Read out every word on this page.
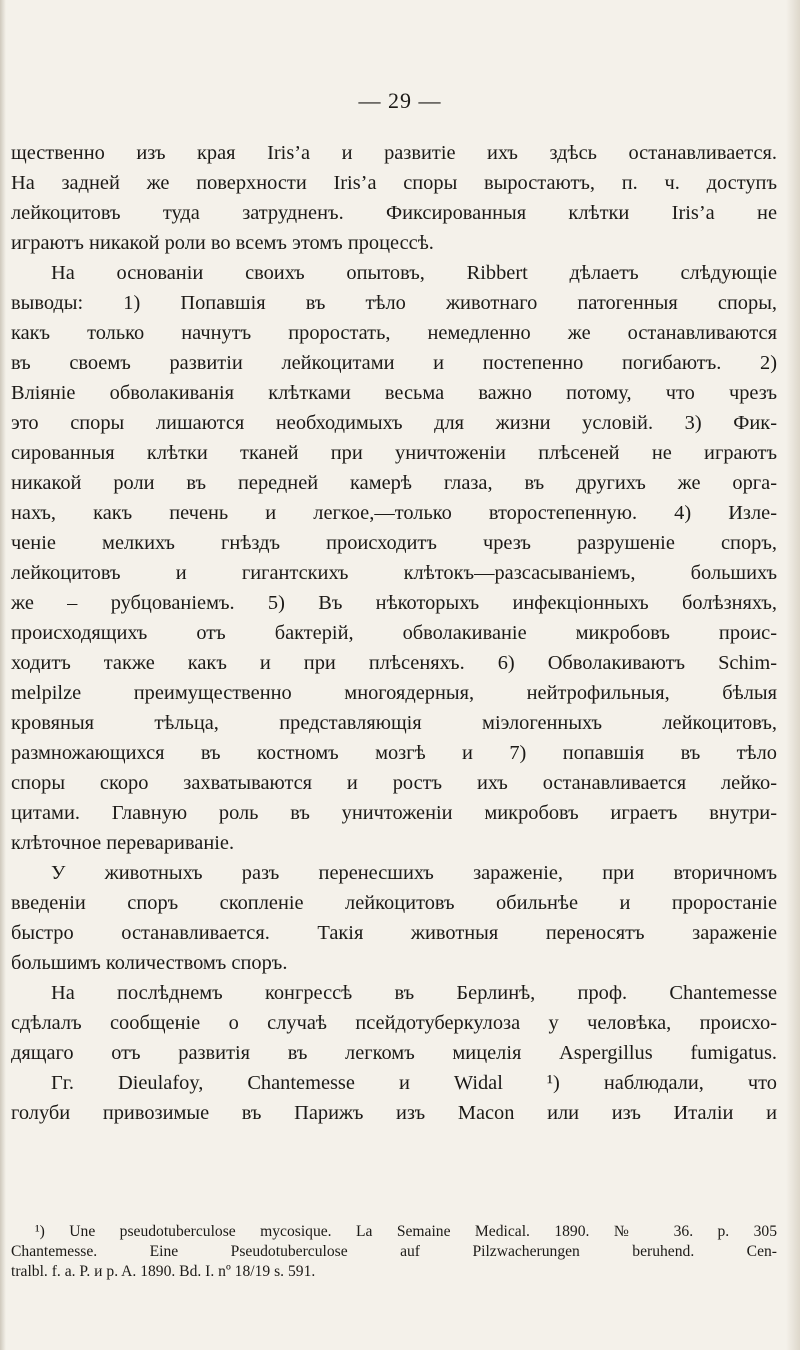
— 29 —
щественно изъ края Iris’а и развитіе ихъ здѣсь останавливается.
На задней же поверхности Iris’а споры выростаютъ, п. ч. доступъ
лейкоцитовъ туда затрудненъ. Фиксированныя клѣтки Iris’а не
играютъ никакой роли во всемъ этомъ процессѣ.
На основаніи своихъ опытовъ, Ribbert дѣлаетъ слѣдующіе
выводы: 1) Попавшія въ тѣло животнаго патогенныя споры,
какъ только начнутъ проростать, немедленно же останавливаются
въ своемъ развитіи лейкоцитами и постепенно погибаютъ. 2)
Вліяніе обволакиванія клѣтками весьма важно потому, что чрезъ
это споры лишаются необходимыхъ для жизни условій. 3) Фик-
сированныя клѣтки тканей при уничтоженіи плѣсеней не играютъ
никакой роли въ передней камерѣ глаза, въ другихъ же орга-
нахъ, какъ печень и легкое,—только второстепенную. 4) Изле-
ченіе мелкихъ гнѣздъ происходитъ чрезъ разрушеніе споръ,
лейкоцитовъ и гигантскихъ клѣтокъ—разсасываніемъ, большихъ
же – рубцованіемъ. 5) Въ нѣкоторыхъ инфекціонныхъ болѣзняхъ,
происходящихъ отъ бактерій, обволакиваніе микробовъ проис-
ходитъ также какъ и при плѣсеняхъ. 6) Обволакиваютъ Schim-
melpilze преимущественно многоядерныя, нейтрофильныя, бѣлыя
кровяныя тѣльца, представляющія міэлогенныхъ лейкоцитовъ,
размножающихся въ костномъ мозгѣ и 7) попавшія въ тѣло
споры скоро захватываются и ростъ ихъ останавливается лейко-
цитами. Главную роль въ уничтоженіи микробовъ играетъ внутри-
клѣточное перевариваніе.
У животныхъ разъ перенесшихъ зараженіе, при вторичномъ
введеніи споръ скопленіе лейкоцитовъ обильнѣе и проростаніе
быстро останавливается. Такія животныя переносятъ зараженіе
большимъ количествомъ споръ.
На послѣднемъ конгрессѣ въ Берлинѣ, проф. Chantemesse
сдѣлалъ сообщеніе о случаѣ псейдотуберкулоза у человѣка, происхо-
дящаго отъ развитія въ легкомъ мицелія Aspergillus fumigatus.
Гг. Dieulafoy, Chantemesse и Widal ¹) наблюдали, что
голуби привозимые въ Парижъ изъ Macon или изъ Италіи и
¹) Une pseudotuberculose mycosique. La Semaine Medical. 1890. № 36. p. 305
Chantemesse. Eine Pseudotuberculose auf Pilzwacherungen beruhend. Cen-
tralbl. f. a. P. и p. A. 1890. Bd. I. nº 18/19 s. 591.
